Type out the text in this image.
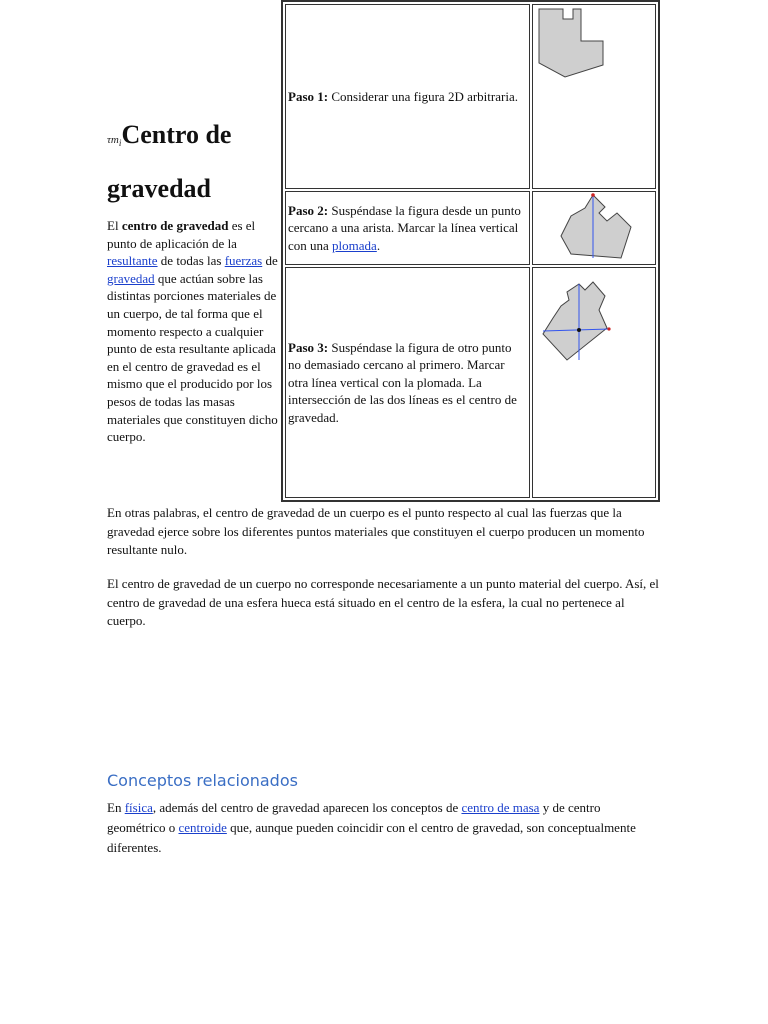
$\tau m_iCentro$ de
gravedad
El centro de gravedad es el punto de aplicación de la resultante de todas las fuerzas de gravedad que actúan sobre las distintas porciones materiales de un cuerpo, de tal forma que el momento respecto a cualquier punto de esta resultante aplicada en el centro de gravedad es el mismo que el producido por los pesos de todas las masas materiales que constituyen dicho cuerpo.
Paso 1: Considerar una figura 2D arbitraria.	

Paso 2: Suspéndase la figura desde un punto cercano a una arista. Marcar la línea vertical con una plomada.	

Paso 3: Suspéndase la figura de otro punto no demasiado cercano al primero. Marcar otra línea vertical con la plomada. La intersección de las dos líneas es el centro de gravedad.	
En otras palabras, el centro de gravedad de un cuerpo es el punto respecto al cual las fuerzas que la gravedad ejerce sobre los diferentes puntos materiales que constituyen el cuerpo producen un momento resultante nulo.
El centro de gravedad de un cuerpo no corresponde necesariamente a un punto material del cuerpo. Así, el centro de gravedad de una esfera hueca está situado en el centro de la esfera, la cual no pertenece al cuerpo.
Conceptos relacionados
En física, además del centro de gravedad aparecen los conceptos de centro de masa y de centro geométrico o centroide que, aunque pueden coincidir con el centro de gravedad, son conceptualmente diferentes.
